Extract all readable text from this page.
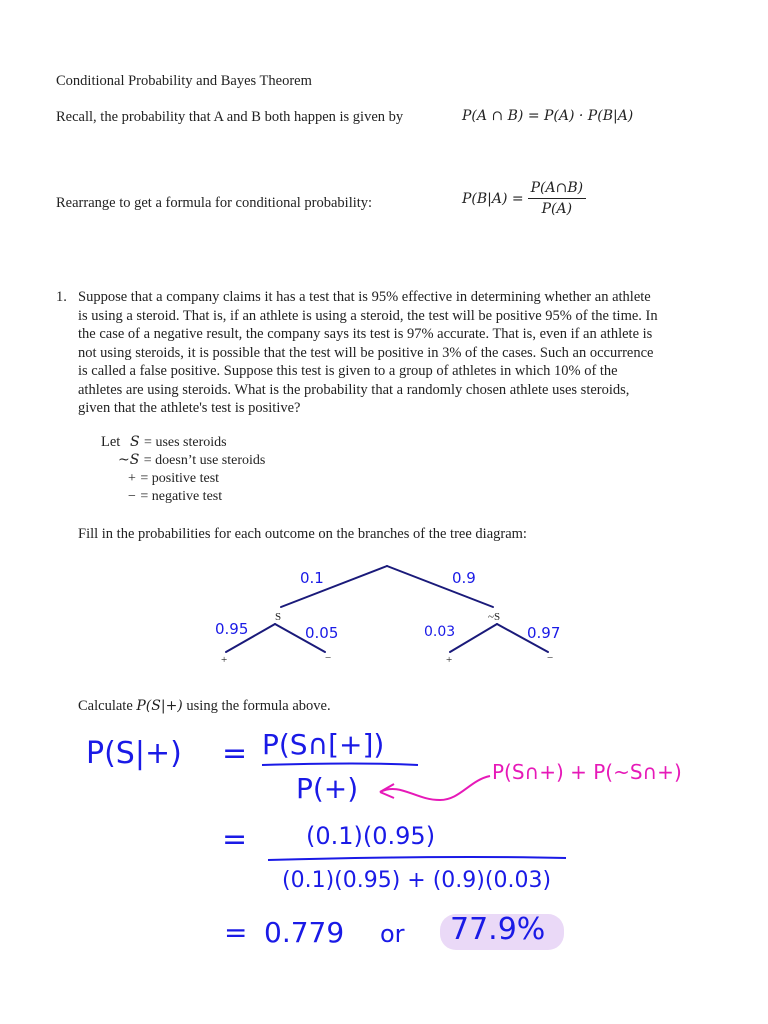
Conditional Probability and Bayes Theorem
Recall, the probability that A and B both happen is given by	P(A ∩ B) = P(A) · P(B|A)
Rearrange to get a formula for conditional probability:	$P(B|A) = \frac{P(A\cap B)}{P(A)}$
1. Suppose that a company claims it has a test that is 95% effective in determining whether an athlete
is using a steroid. That is, if an athlete is using a steroid, the test will be positive 95% of the time. In
the case of a negative result, the company says its test is 97% accurate. That is, even if an athlete is
not using steroids, it is possible that the test will be positive in 3% of the cases. Such an occurrence
is called a false positive. Suppose this test is given to a group of athletes in which 10% of the
athletes are using steroids. What is the probability that a randomly chosen athlete uses steroids,
given that the athlete's test is positive?
Let S = uses steroids
~S = doesn’t use steroids
+ = positive test
− = negative test
Fill in the probabilities for each outcome on the branches of the tree diagram:
S	~S
+	−	+	−
0.1	0.9
0.95	0.05	0.03	0.97
Calculate P(S|+) using the formula above.
P(S|+) = P(S∩[+])
P(+)	P(S∩+) + P(~S∩+)
= (0.1)(0.95)
(0.1)(0.95) + (0.9)(0.03)
= 0.779 or 77.9%
